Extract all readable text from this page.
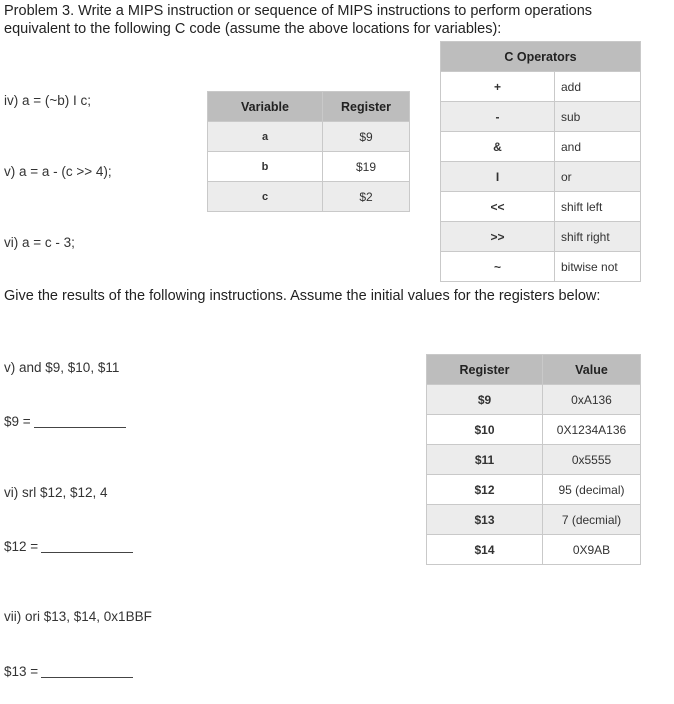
Problem 3. Write a MIPS instruction or sequence of MIPS instructions to perform operations
equivalent to the following C code (assume the above locations for variables):
iv) a = (~b) I c;
v) a = a - (c >> 4);
vi) a = c - 3;
Variable	Register
a	$9
b	$19
c	$2
C Operators	
+	add
-	sub
&	and
I	or
<<	shift left
>>	shift right
~	bitwise not
Give the results of the following instructions. Assume the initial values for the registers below:
v) and $9, $10, $11
$9 =
vi) srl $12, $12, 4
$12 =
vii) ori $13, $14, 0x1BBF
$13 =
Register	Value
$9	0xA136
$10	0X1234A136
$11	0x5555
$12	95 (decimal)
$13	7 (decmial)
$14	0X9AB
